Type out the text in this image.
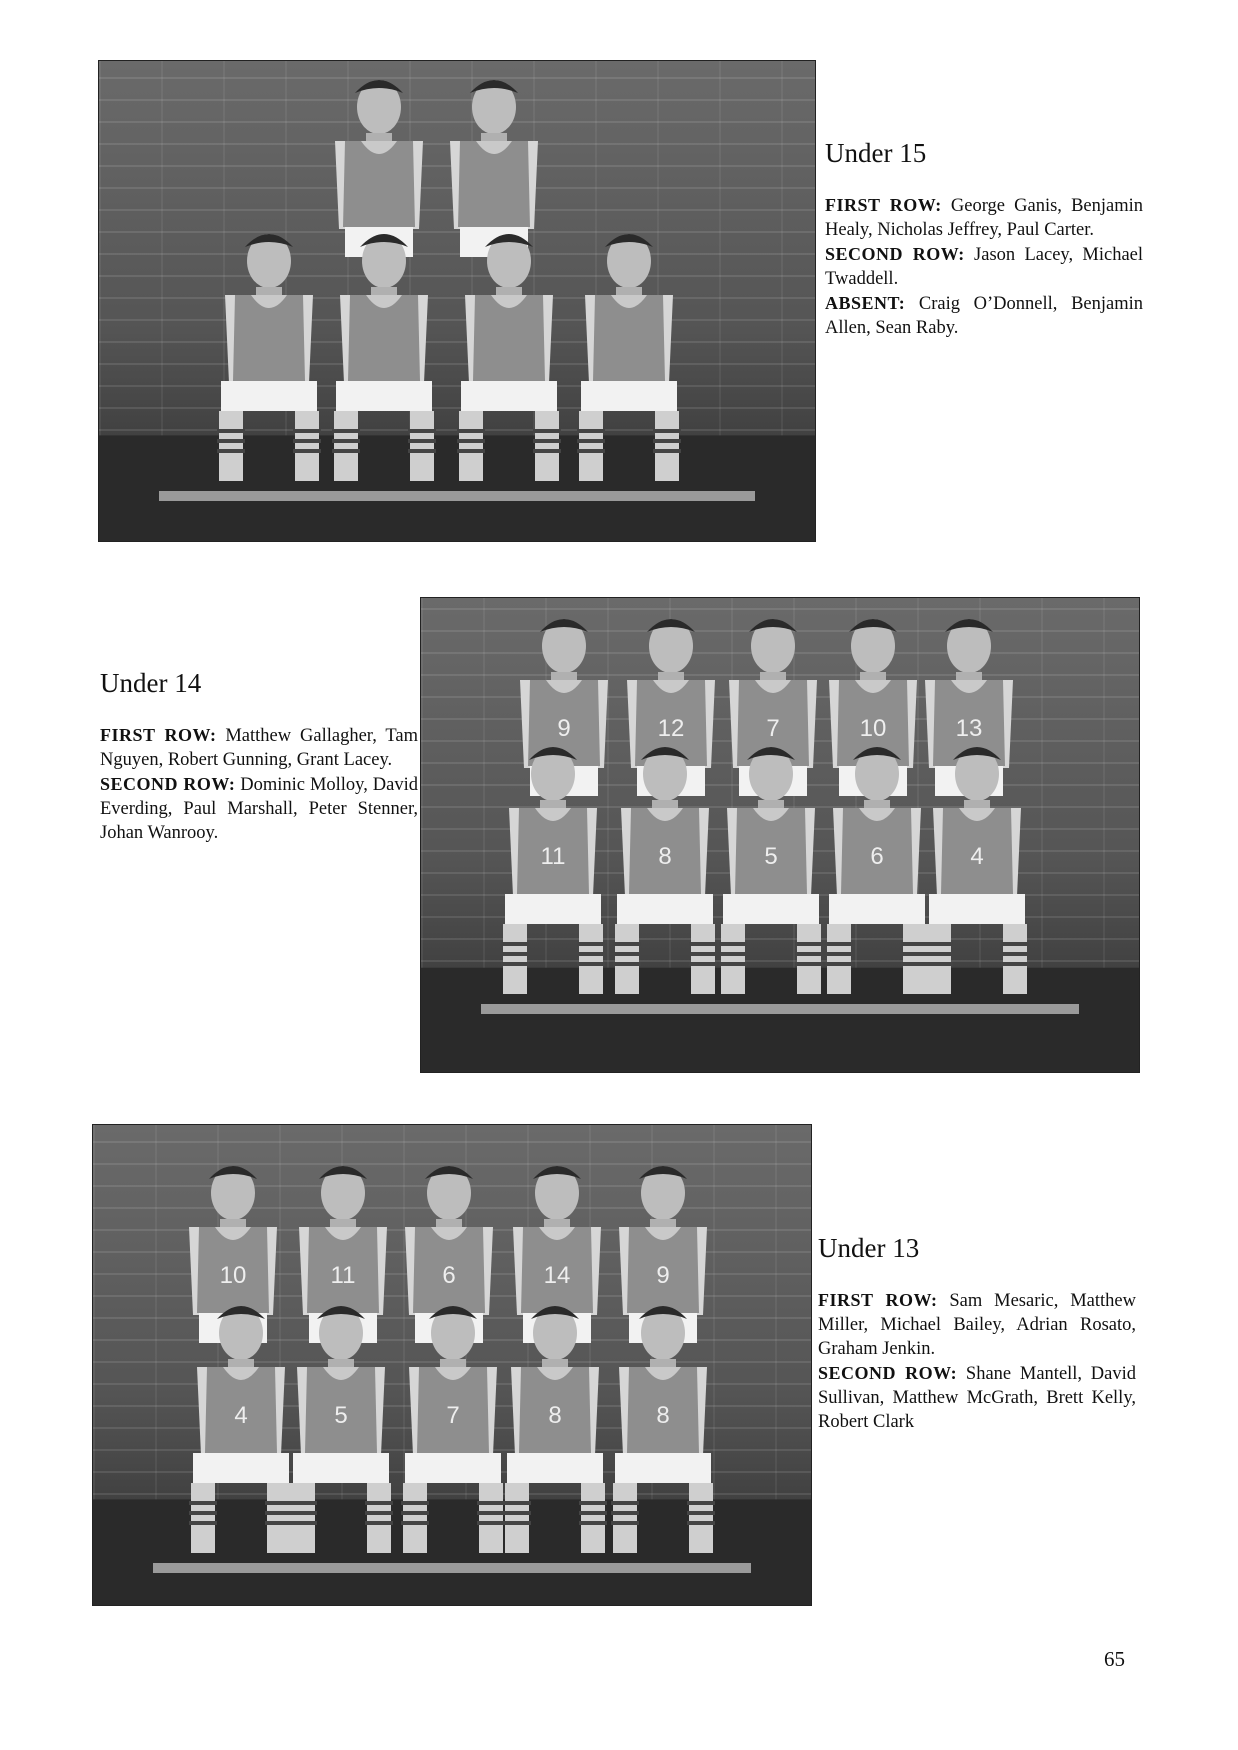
Under 15

FIRST ROW: George Ganis, Benjamin Healy, Nicholas Jeffrey, Paul Carter.
SECOND ROW: Jason Lacey, Michael Twaddell.
ABSENT: Craig O’Donnell, Benjamin Allen, Sean Raby.

Under 14

FIRST ROW: Matthew Gallagher, Tam Nguyen, Robert Gunning, Grant Lacey.
SECOND ROW: Dominic Molloy, David Everding, Paul Marshall, Peter Stenner, Johan Wanrooy.

9	12	7	10	13
11	8	5	6	4
10	11	6	14	9
4	5	7	8	8
Under 13

FIRST ROW: Sam Mesaric, Matthew Miller, Michael Bailey, Adrian Rosato, Graham Jenkin.
SECOND ROW: Shane Mantell, David Sullivan, Matthew McGrath, Brett Kelly, Robert Clark

65
